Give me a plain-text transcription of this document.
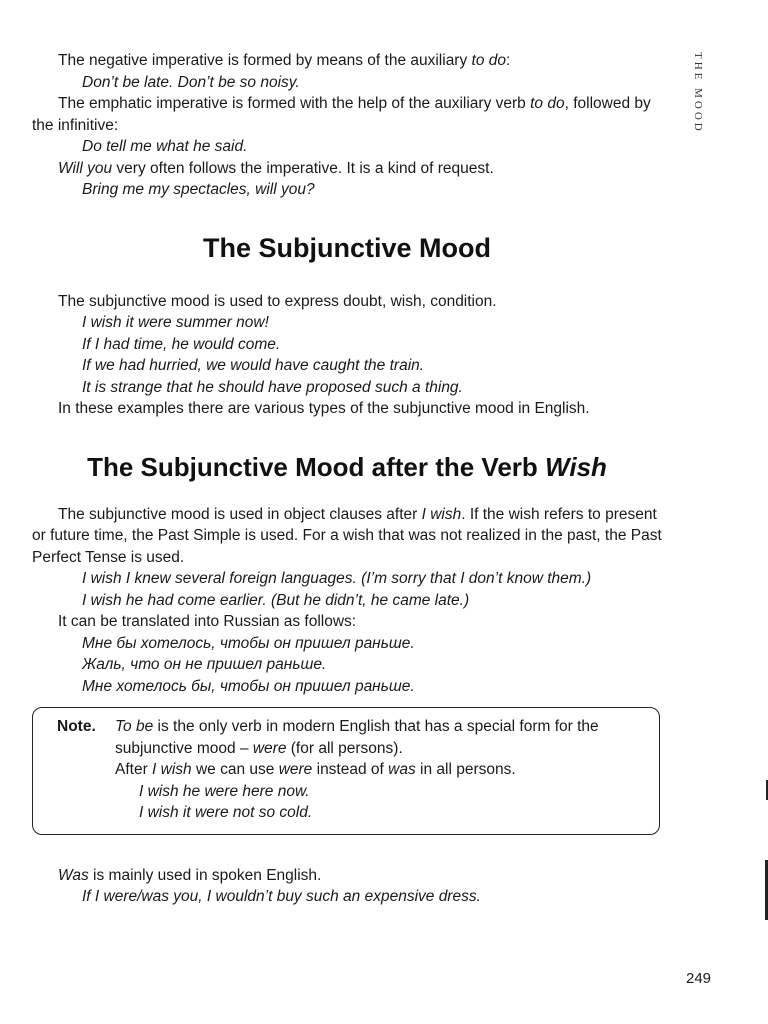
THE MOOD

The negative imperative is formed by means of the auxiliary to do:

Don’t be late. Don’t be so noisy.

The emphatic imperative is formed with the help of the auxiliary verb to do, followed by the infinitive:

Do tell me what he said.

Will you very often follows the imperative. It is a kind of request.

Bring me my spectacles, will you?

The Subjunctive Mood

The subjunctive mood is used to express doubt, wish, condition.

I wish it were summer now!

If I had time, he would come.

If we had hurried, we would have caught the train.

It is strange that he should have proposed such a thing.

In these examples there are various types of the subjunctive mood in English.

The Subjunctive Mood after the Verb Wish

The subjunctive mood is used in object clauses after I wish. If the wish refers to present or future time, the Past Simple is used. For a wish that was not realized in the past, the Past Perfect Tense is used.

I wish I knew several foreign languages. (I’m sorry that I don’t know them.)

I wish he had come earlier. (But he didn’t, he came late.)

It can be translated into Russian as follows:

Мне бы хотелось, чтобы он пришел раньше.

Жаль, что он не пришел раньше.

Мне хотелось бы, чтобы он пришел раньше.

Note.	To be is the only verb in modern English that has a special form for the subjunctive mood – were (for all persons).

After I wish we can use were instead of was in all persons.

I wish he were here now.

I wish it were not so cold.

Was is mainly used in spoken English.

If I were/was you, I wouldn’t buy such an expensive dress.

249
